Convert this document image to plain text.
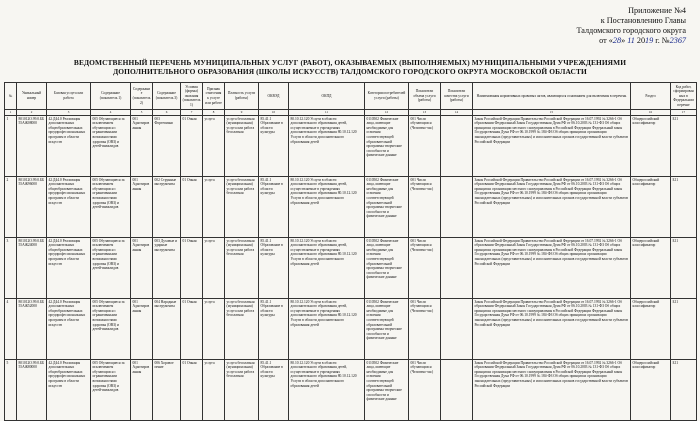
Приложение №4
к Постановлению Главы
Талдомского городского округа
от «28» 11 2019 г. №2367
ВЕДОМСТВЕННЫЙ ПЕРЕЧЕНЬ МУНИЦИПАЛЬНЫХ УСЛУГ (РАБОТ), ОКАЗЫВАЕМЫХ (ВЫПОЛНЯЕМЫХ) МУНИЦИПАЛЬНЫМИ УЧРЕЖДЕНИЯМИ
ДОПОЛНИТЕЛЬНОГО ОБРАЗОВАНИЯ (ШКОЛЫ ИСКУССТВ) ТАЛДОМСКОГО ГОРОДСКОГО ОКРУГА МОСКОВСКОЙ ОБЛАСТИ
№	Уникальный номер	Базовая услуга или работа	Содержание (показатель 1)	Содержание (показатель 2)	Содержание (показатель 3)	Условия (формы) оказания (показатель 1)	Признак отнесения к услуге или работе	Платность услуги (работы)	ОКВЭД	ОКПД	Категории потребителей услуги (работы)	Показатели объема услуги (работы)	Показатели качества услуги (работы)	Наименования нормативных правовых актов, являющихся основанием для включения в перечень	Раздел	Код работ, сформированных в Федеральном перечне
1	2	3	4	5	6	7	8	9	10	11	12	13	14	15	16	17
1	801012О.99.0.ББ55АЖ08000	42.Д44.0 Реализация дополнительных общеобразовательных предпрофессиональных программ в области искусств	005 Обучающиеся за исключением обучающихся с ограниченными возможностями здоровья (ОВЗ) и детей-инвалидов	001 Адаптированная	003 Фортепиано	01 Очная	услуга	услуга бесплатная (муниципальная) услуга или работа бесплатная	85.41.1 Образование в области культуры	80.10.12.120 Услуги в области дополнительного образования детей, осуществляемые в учреждениях дополнительного образования 80.10.12.120 Услуги в области дополнительного образования детей	0110502 Физические лица, имеющие необходимые для освоения соответствующей образовательной программы творческие способности и физические данные	001 Число обучающихся (Человеко-час)		Закон Российской Федерации Правительство Российской Федерации от 16.07.1992 № 3266-1 Об образовании Федеральный Закон Государственная Дума РФ от 06.10.2003 № 131-ФЗ Об общих принципах организации местного самоуправления в Российской Федерации Федеральный закон Государственная Дума РФ от 06.10.1999 № 184-ФЗ Об общих принципах организации законодательных (представительных) и исполнительных органов государственной власти субъектов Российской Федерации	Общероссийский классификатор	Б11
2	801012О.99.0.ББ55АЖ96000	42.Д44.0 Реализация дополнительных общеобразовательных предпрофессиональных программ в области искусств	005 Обучающиеся за исключением обучающихся с ограниченными возможностями здоровья (ОВЗ) и детей-инвалидов	001 Адаптированная	002 Струнные инструменты	01 Очная	услуга	услуга бесплатная (муниципальная) услуга или работа бесплатная	85.41.1 Образование в области культуры	80.10.12.120 Услуги в области дополнительного образования детей, осуществляемые в учреждениях дополнительного образования 80.10.12.120 Услуги в области дополнительного образования детей	0110502 Физические лица, имеющие необходимые для освоения соответствующей образовательной программы творческие способности и физические данные	001 Число обучающихся (Человеко-час)		Закон Российской Федерации Правительство Российской Федерации от 16.07.1992 № 3266-1 Об образовании Федеральный Закон Государственная Дума РФ от 06.10.2003 № 131-ФЗ Об общих принципах организации местного самоуправления в Российской Федерации Федеральный закон Государственная Дума РФ от 06.10.1999 № 184-ФЗ Об общих принципах организации законодательных (представительных) и исполнительных органов государственной власти субъектов Российской Федерации	Общероссийский классификатор	Б11
3	801012О.99.0.ББ55АЖ24000	42.Д44.0 Реализация дополнительных общеобразовательных предпрофессиональных программ в области искусств	005 Обучающиеся за исключением обучающихся с ограниченными возможностями здоровья (ОВЗ) и детей-инвалидов	001 Адаптированная	003 Духовые и ударные инструменты	01 Очная	услуга	услуга бесплатная (муниципальная) услуга или работа бесплатная	85.41.1 Образование в области культуры	80.10.12.120 Услуги в области дополнительного образования детей, осуществляемые в учреждениях дополнительного образования 80.10.12.120 Услуги в области дополнительного образования детей	0110502 Физические лица, имеющие необходимые для освоения соответствующей образовательной программы творческие способности и физические данные	001 Число обучающихся (Человеко-час)		Закон Российской Федерации Правительство Российской Федерации от 16.07.1992 № 3266-1 Об образовании Федеральный Закон Государственная Дума РФ от 06.10.2003 № 131-ФЗ Об общих принципах организации местного самоуправления в Российской Федерации Федеральный закон Государственная Дума РФ от 06.10.1999 № 184-ФЗ Об общих принципах организации законодательных (представительных) и исполнительных органов государственной власти субъектов Российской Федерации	Общероссийский классификатор	Б11
4	801012О.99.0.ББ55АЖ52000	42.Д44.0 Реализация дополнительных общеобразовательных предпрофессиональных программ в области искусств	005 Обучающиеся за исключением обучающихся с ограниченными возможностями здоровья (ОВЗ) и детей-инвалидов	001 Адаптированная	004 Народные инструменты	01 Очная	услуга	услуга бесплатная (муниципальная) услуга или работа бесплатная	85.41.1 Образование в области культуры	80.10.12.120 Услуги в области дополнительного образования детей, осуществляемые в учреждениях дополнительного образования 80.10.12.120 Услуги в области дополнительного образования детей	0110502 Физические лица, имеющие необходимые для освоения соответствующей образовательной программы творческие способности и физические данные	001 Число обучающихся (Человеко-час)		Закон Российской Федерации Правительство Российской Федерации от 16.07.1992 № 3266-1 Об образовании Федеральный Закон Государственная Дума РФ от 06.10.2003 № 131-ФЗ Об общих принципах организации местного самоуправления в Российской Федерации Федеральный закон Государственная Дума РФ от 06.10.1999 № 184-ФЗ Об общих принципах организации законодательных (представительных) и исполнительных органов государственной власти субъектов Российской Федерации	Общероссийский классификатор	Б11
5	801012О.99.0.ББ55АЖ80000	42.Д44.0 Реализация дополнительных общеобразовательных предпрофессиональных программ в области искусств	005 Обучающиеся за исключением обучающихся с ограниченными возможностями здоровья (ОВЗ) и детей-инвалидов	001 Адаптированная	006 Хоровое пение	01 Очная	услуга	услуга бесплатная (муниципальная) услуга или работа бесплатная	85.41.1 Образование в области культуры	80.10.12.120 Услуги в области дополнительного образования детей, осуществляемые в учреждениях дополнительного образования 80.10.12.120 Услуги в области дополнительного образования детей	0110502 Физические лица, имеющие необходимые для освоения соответствующей образовательной программы творческие способности и физические данные	001 Число обучающихся (Человеко-час)		Закон Российской Федерации Правительство Российской Федерации от 16.07.1992 № 3266-1 Об образовании Федеральный Закон Государственная Дума РФ от 06.10.2003 № 131-ФЗ Об общих принципах организации местного самоуправления в Российской Федерации Федеральный закон Государственная Дума РФ от 06.10.1999 № 184-ФЗ Об общих принципах организации законодательных (представительных) и исполнительных органов государственной власти субъектов Российской Федерации	Общероссийский классификатор	Б11
